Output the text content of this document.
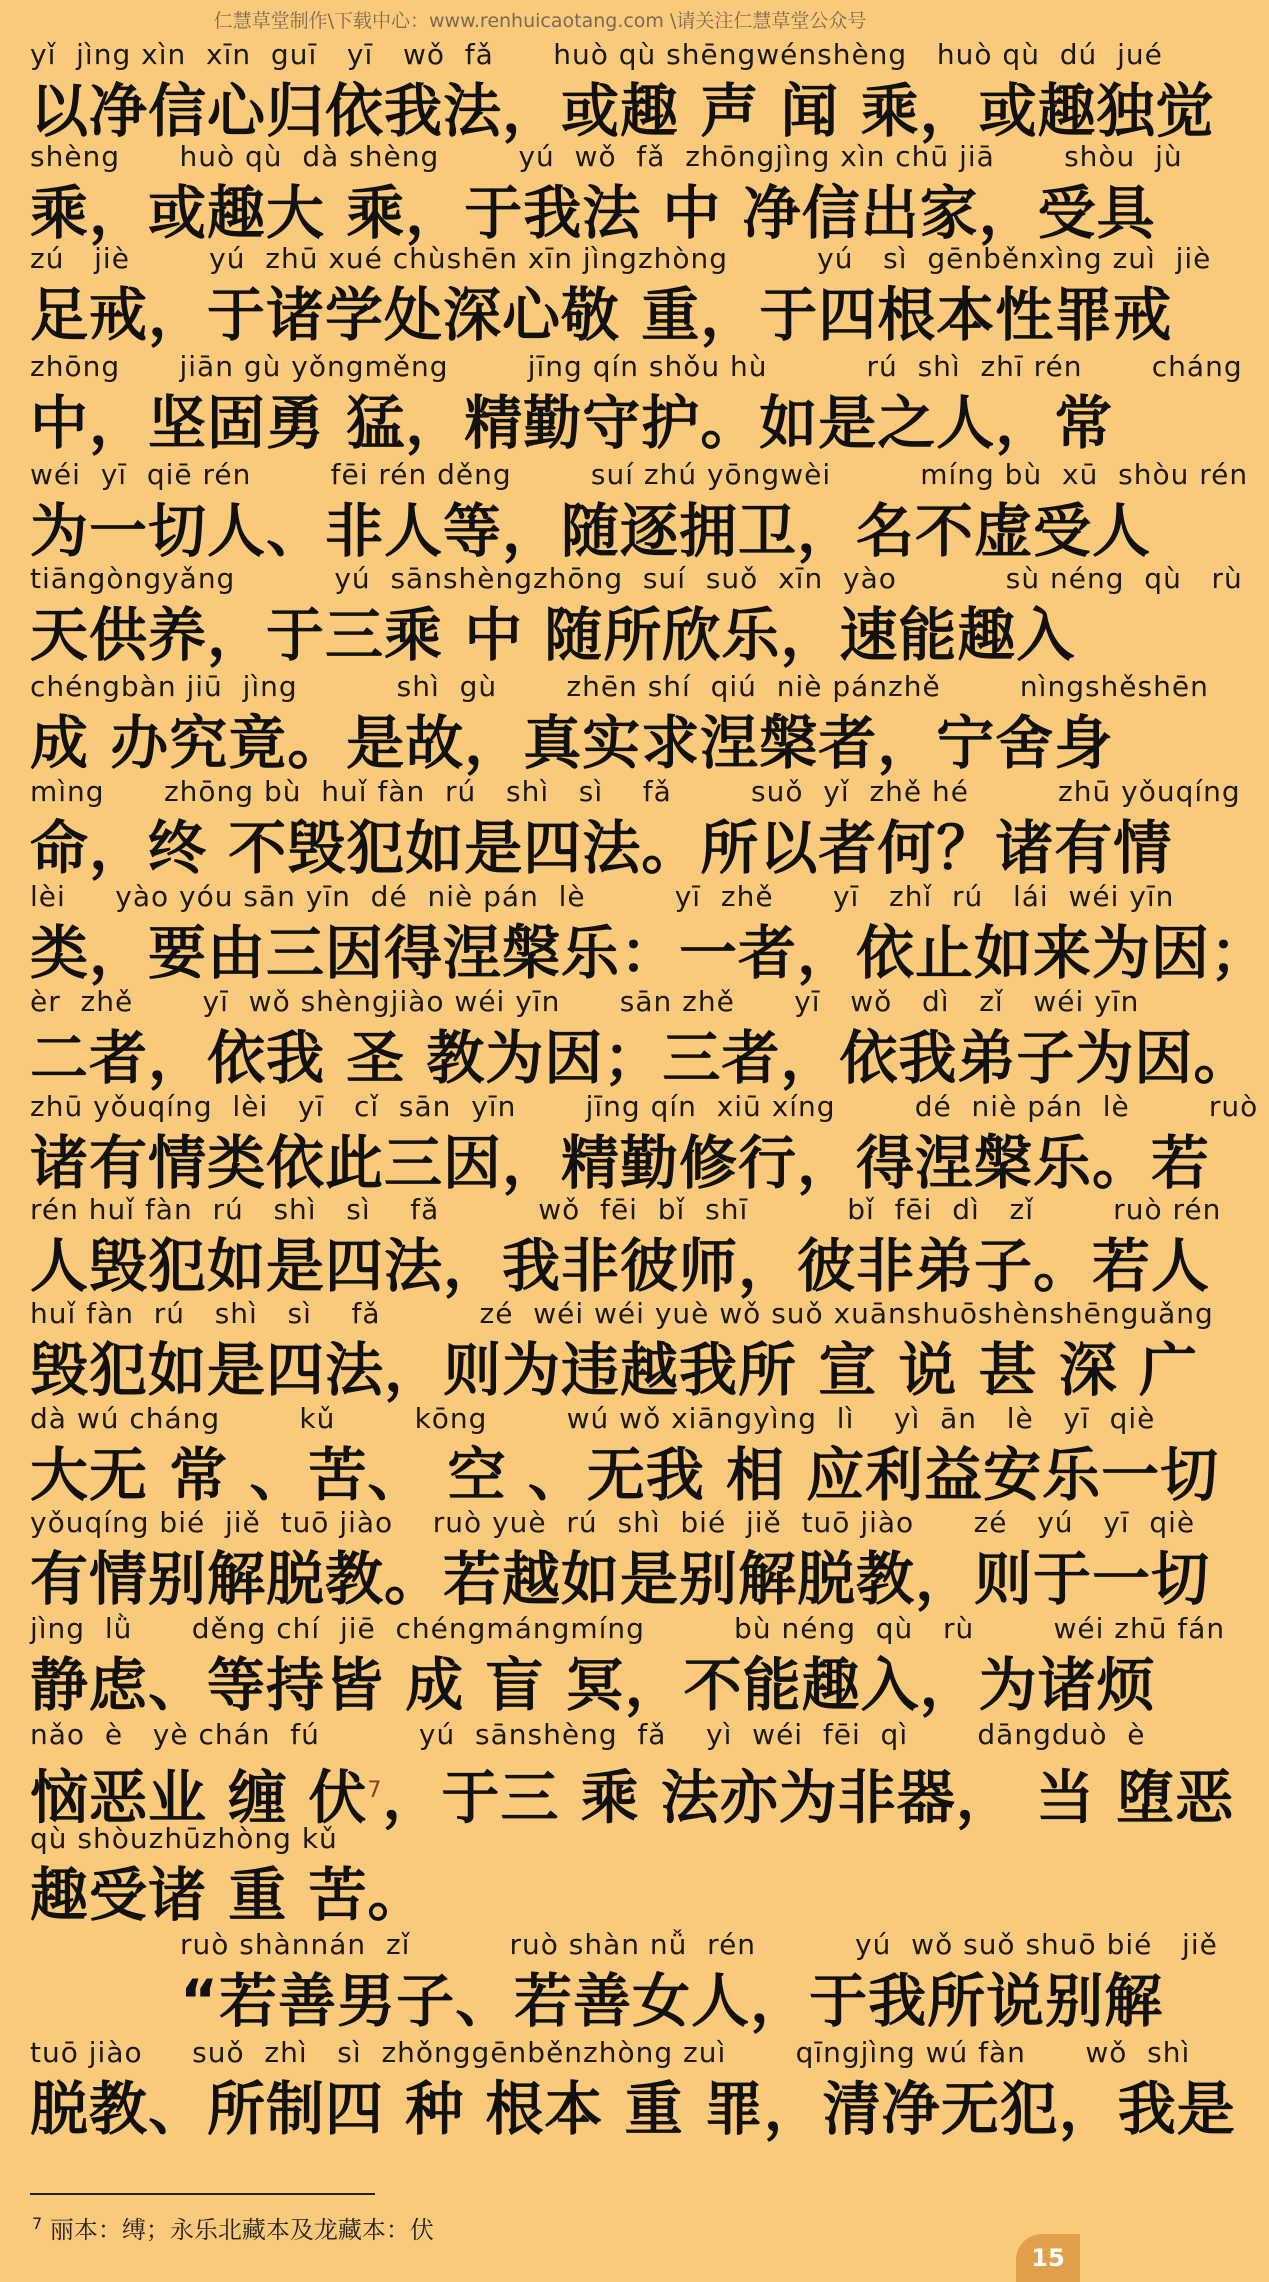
仁慧草堂制作\下载中心：www.renhuicaotang.com \请关注仁慧草堂公众号
yǐ  jìng xìn  xīn  guī   yī   wǒ  fǎ      huò qù shēngwénshèng   huò qù  dú  jué
以净信心归依我法，或趣 声 闻 乘，或趣独觉
shèng      huò qù  dà shèng        yú  wǒ  fǎ  zhōngjìng xìn chū jiā       shòu  jù
乘，或趣大 乘，于我法 中 净信出家，受具
zú   jiè        yú  zhū xué chùshēn xīn jìngzhòng         yú   sì  gēnběnxìng zuì  jiè
足戒，于诸学处深心敬 重，于四根本性罪戒
zhōng      jiān gù yǒngměng        jīng qín shǒu hù          rú  shì  zhī rén       cháng
中，坚固勇 猛，精勤守护。如是之人，常
wéi  yī  qiē rén        fēi rén děng        suí zhú yōngwèi         míng bù  xū  shòu rén
为一切人、非人等，随逐拥卫，名不虚受人
tiāngòngyǎng          yú  sānshèngzhōng  suí  suǒ  xīn  yào           sù néng  qù   rù
天供养，于三乘 中 随所欣乐，速能趣入
chéngbàn jiū  jìng          shì  gù       zhēn shí  qiú  niè pánzhě        nìngshěshēn
成 办究竟。是故，真实求涅槃者，宁舍身
mìng      zhōng bù  huǐ fàn  rú   shì   sì    fǎ        suǒ  yǐ  zhě hé         zhū yǒuqíng
命，终 不毁犯如是四法。所以者何？诸有情
lèi     yào yóu sān yīn  dé  niè pán  lè         yī  zhě      yī   zhǐ  rú   lái  wéi yīn
类，要由三因得涅槃乐：一者，依止如来为因；
èr  zhě       yī  wǒ shèngjiào wéi yīn      sān zhě      yī   wǒ   dì   zǐ   wéi yīn
二者，依我 圣 教为因；三者，依我弟子为因。
zhū yǒuqíng  lèi   yī   cǐ  sān  yīn       jīng qín  xiū xíng        dé  niè pán  lè        ruò
诸有情类依此三因，精勤修行，得涅槃乐。若
rén huǐ fàn  rú   shì   sì    fǎ          wǒ  fēi  bǐ  shī          bǐ  fēi  dì   zǐ        ruò rén
人毁犯如是四法，我非彼师，彼非弟子。若人
huǐ fàn  rú   shì   sì    fǎ          zé  wéi wéi yuè wǒ suǒ xuānshuōshènshēnguǎng
毁犯如是四法，则为违越我所 宣 说 甚 深 广
dà wú cháng        kǔ        kōng        wú wǒ xiāngyìng  lì    yì  ān   lè   yī  qiè
大无 常 、苦、 空 、无我 相 应利益安乐一切
yǒuqíng bié  jiě  tuō jiào    ruò yuè  rú  shì  bié  jiě  tuō jiào      zé   yú   yī  qiè
有情别解脱教。若越如是别解脱教，则于一切
jìng  lǜ      děng chí  jiē  chéngmángmíng         bù néng  qù   rù        wéi zhū fán
静虑、等持皆 成 盲 冥，不能趣入，为诸烦
nǎo  è   yè chán  fú          yú  sānshèng  fǎ    yì  wéi  fēi  qì       dāngduò  è
恼恶业 缠 伏$^7$，于三 乘 法亦为非器， 当 堕恶
qù shòuzhūzhòng kǔ
趣受诸 重 苦。
ruò shànnán  zǐ          ruò shàn nǚ  rén          yú  wǒ suǒ shuō bié   jiě
“若善男子、若善女人，于我所说别解
tuō jiào     suǒ  zhì   sì  zhǒnggēnběnzhòng zuì       qīngjìng wú fàn      wǒ  shì
脱教、所制四 种 根本 重 罪，清净无犯，我是
$^7$ 丽本：缚；永乐北藏本及龙藏本：伏
15
